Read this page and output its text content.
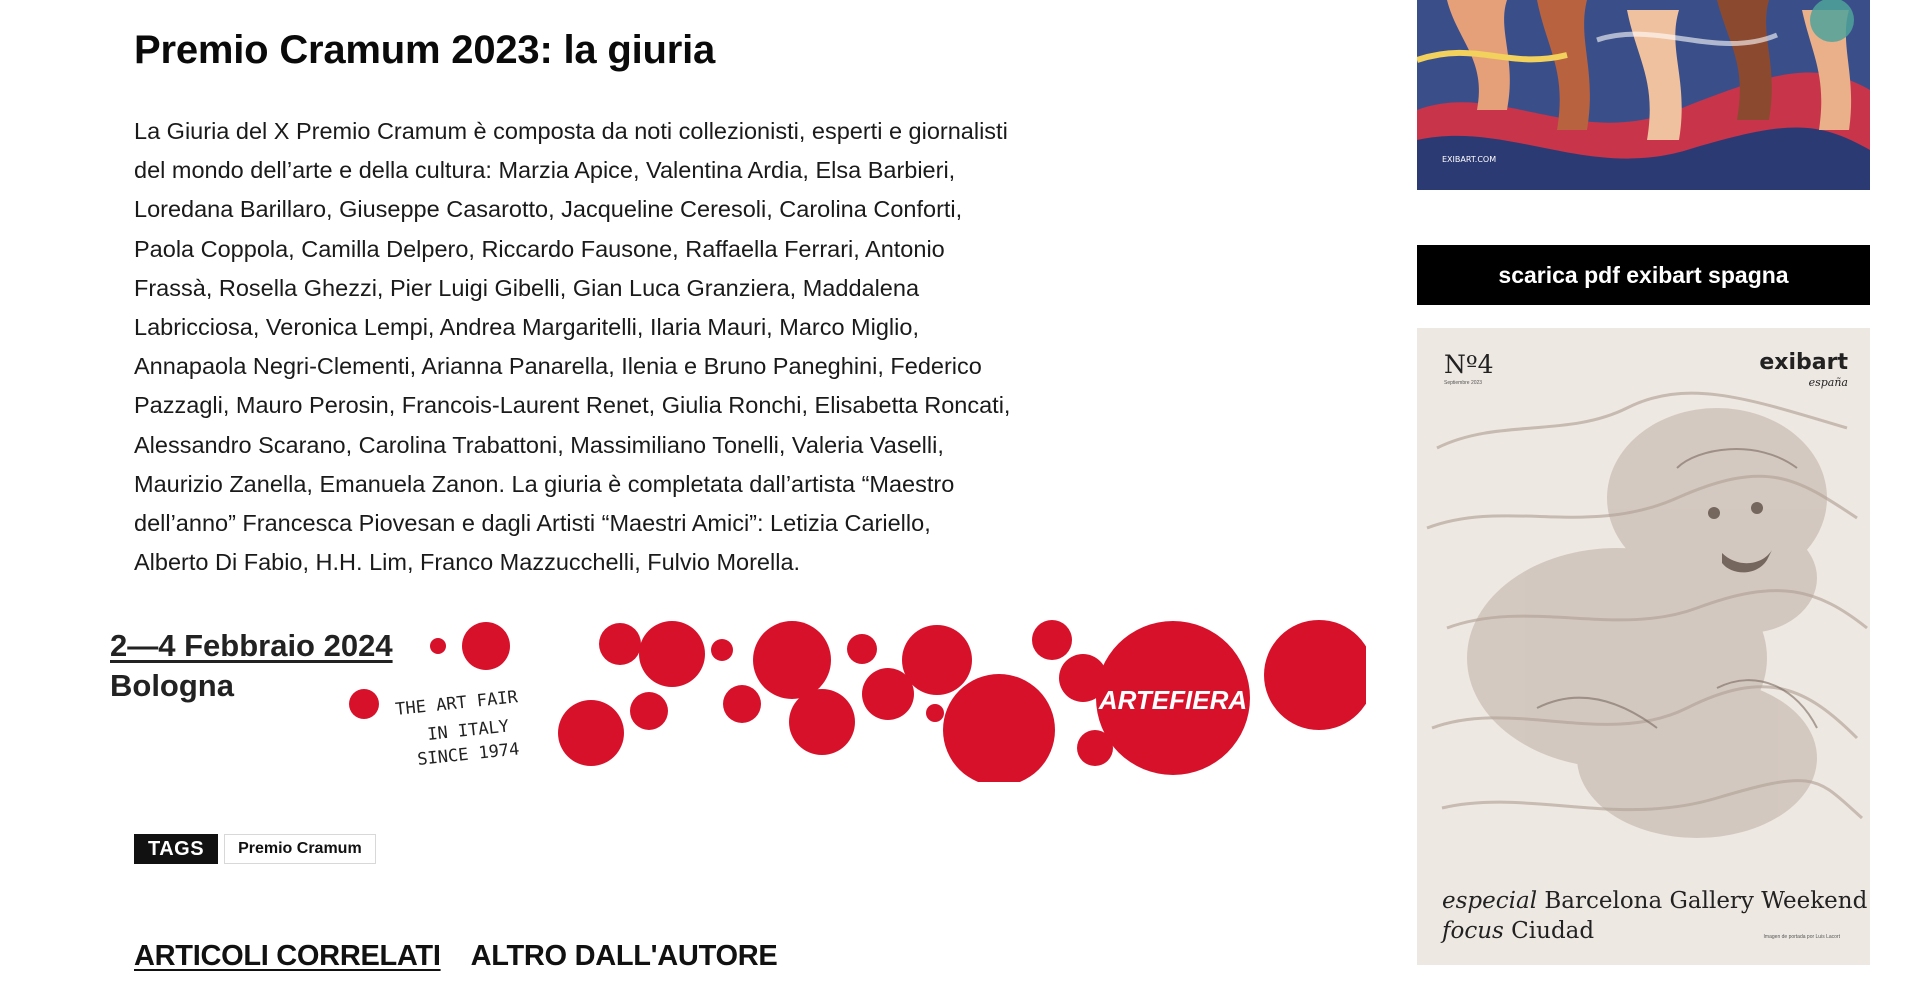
Premio Cramum 2023: la giuria
La Giuria del X Premio Cramum è composta da noti collezionisti, esperti e giornalisti
del mondo dell’arte e della cultura: Marzia Apice, Valentina Ardia, Elsa Barbieri,
Loredana Barillaro, Giuseppe Casarotto, Jacqueline Ceresoli, Carolina Conforti,
Paola Coppola, Camilla Delpero, Riccardo Fausone, Raffaella Ferrari, Antonio
Frassà, Rosella Ghezzi, Pier Luigi Gibelli, Gian Luca Granziera, Maddalena
Labricciosa, Veronica Lempi, Andrea Margaritelli, Ilaria Mauri, Marco Miglio,
Annapaola Negri-Clementi, Arianna Panarella, Ilenia e Bruno Paneghini, Federico
Pazzagli, Mauro Perosin, Francois-Laurent Renet, Giulia Ronchi, Elisabetta Roncati,
Alessandro Scarano, Carolina Trabattoni, Massimiliano Tonelli, Valeria Vaselli,
Maurizio Zanella, Emanuela Zanon. La giuria è completata dall’artista “Maestro
dell’anno” Francesca Piovesan e dagli Artisti “Maestri Amici”: Letizia Cariello,
Alberto Di Fabio, H.H. Lim, Franco Mazzucchelli, Fulvio Morella.
2—4 Febbraio 2024
Bologna	ARTEFIERA
THE ART FAIR
IN ITALY
SINCE 1974
TAGS	Premio Cramum
ARTICOLI CORRELATI ALTRO DALL'AUTORE
EXIBART.COM
scarica pdf exibart spagna
Nº4
Septiembre 2023
exibart
españa
especial Barcelona Gallery Weekend
focus Ciudad	Imagen de portada por Luis Lacort
